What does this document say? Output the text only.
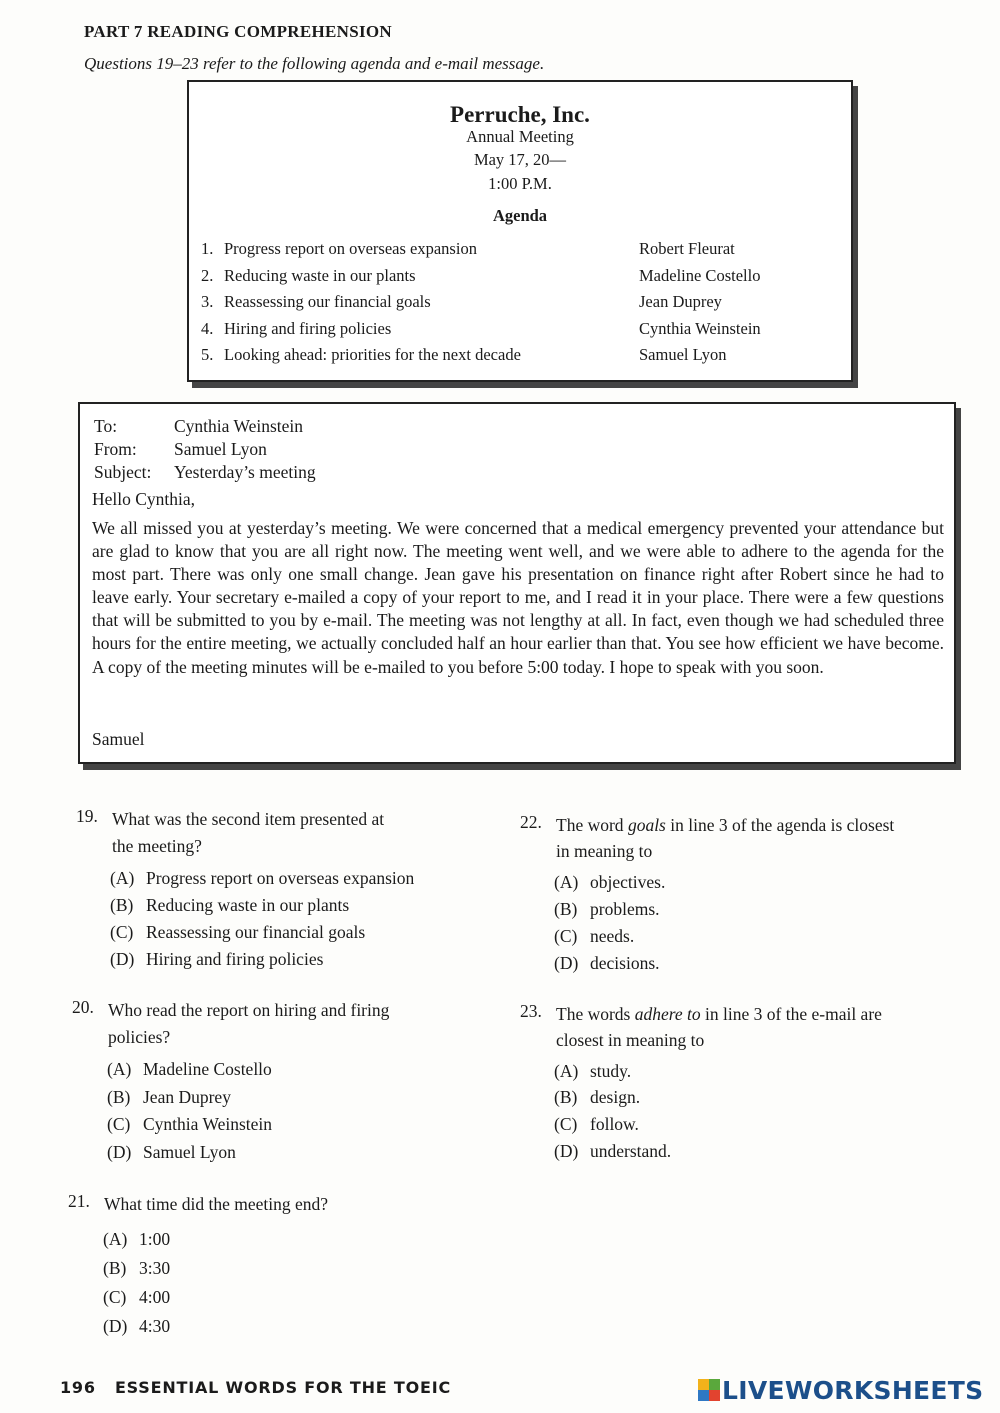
PART 7 READING COMPREHENSION
Questions 19–23 refer to the following agenda and e-mail message.
Perruche, Inc.
Annual Meeting
May 17, 20—
1:00 P.M.
Agenda
1. Progress report on overseas expansion	Robert Fleurat
2. Reducing waste in our plants	Madeline Costello
3. Reassessing our financial goals	Jean Duprey
4. Hiring and firing policies	Cynthia Weinstein
5. Looking ahead: priorities for the next decade	Samuel Lyon
To:	Cynthia Weinstein
From: Samuel Lyon
Subject: Yesterday’s meeting
Hello Cynthia,
We all missed you at yesterday’s meeting. We were concerned that a medical emergency prevented your attendance but are glad to know that you are all right now. The meeting went well, and we were able to adhere to the agenda for the most part. There was only one small change. Jean gave his presentation on finance right after Robert since he had to leave early. Your secretary e-mailed a copy of your report to me, and I read it in your place. There were a few questions that will be submitted to you by e-mail. The meeting was not lengthy at all. In fact, even though we had scheduled three hours for the entire meeting, we actually concluded half an hour earlier than that. You see how efficient we have become. A copy of the meeting minutes will be e-mailed to you before 5:00 today. I hope to speak with you soon.
Samuel
19. What was the second item presented at
the meeting?
(A) Progress report on overseas expansion
(B) Reducing waste in our plants
(C) Reassessing our financial goals
(D) Hiring and firing policies
20. Who read the report on hiring and firing
policies?
(A) Madeline Costello
(B) Jean Duprey
(C) Cynthia Weinstein
(D) Samuel Lyon
21. What time did the meeting end?
(A) 1:00
(B) 3:30
(C) 4:00
(D) 4:30
22. The word goals in line 3 of the agenda is closest
in meaning to
(A) objectives.
(B) problems.
(C) needs.
(D) decisions.
23. The words adhere to in line 3 of the e-mail are
closest in meaning to
(A) study.
(B) design.
(C) follow.
(D) understand.
196 ESSENTIAL WORDS FOR THE TOEIC	LIVEWORKSHEETS
